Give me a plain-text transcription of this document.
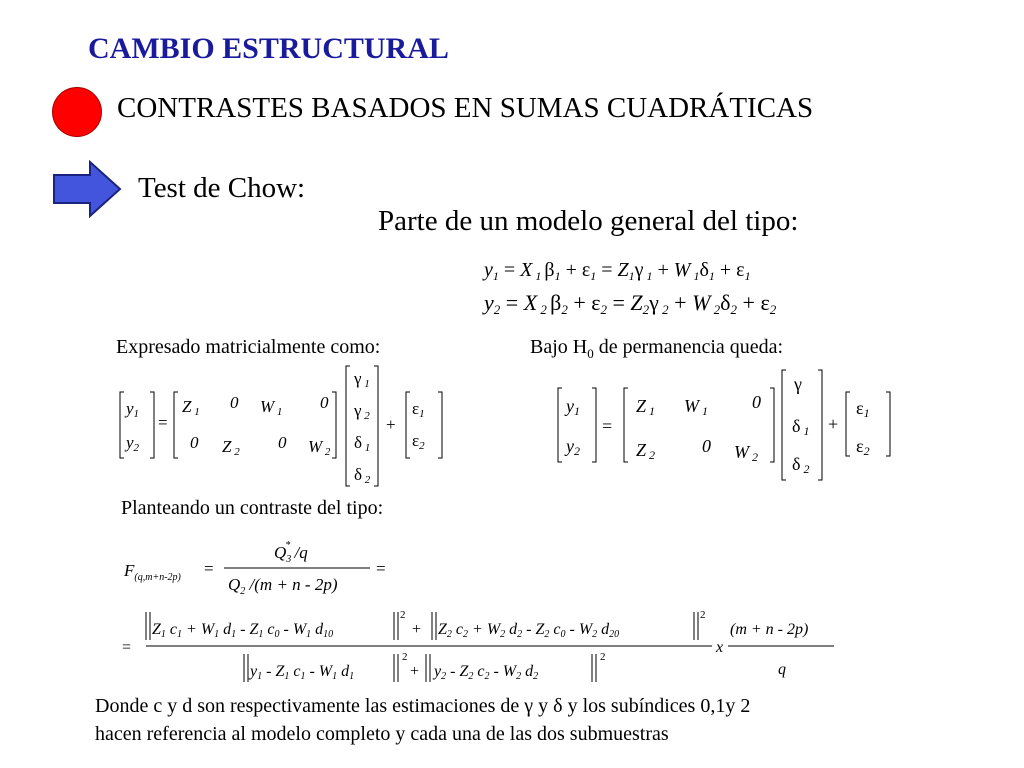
CAMBIO ESTRUCTURAL
CONTRASTES BASADOS EN SUMAS CUADRÁTICAS
Test de Chow:
Parte de un modelo general del tipo:
$y_1 = X$ $_1$ $\beta_1 + \varepsilon_1 = Z_1\gamma$ $_1$ + W $_1\delta_1 + \varepsilon_1$
y2 = X 2 β2 + ε2 = Z2γ 2 + W 2δ2 + ε2
Expresado matricialmente como:	Bajo $H_0$ de permanencia queda:
y1
y2
=
Z 1 0 W 1 0
0 Z 2 0 W 2
γ 1
γ 2
δ 1
δ 2
+
ε1
ε2
y1
y2
=
Z 1 W 1 0
Z 2	0 W 2
γ
δ 1
δ 2
+
ε1
ε2
Planteando un contraste del tipo:
$F_{(q,m+n-2p)}$ =
$Q_3*$ /q
$Q_2$ /(m + n - 2p)
=
=
Z1 c1 + W1 d1 - Z1 c0 - W1 d10
2
+ Z2 c2 + W2 d2 - Z2 c0 - W2 d20
2
y1 - Z1 c1 - W1 d1
2
+ y2 - Z2 c2 - W2 d2
2
x
(m + n - 2p)
q
Donde c y d son respectivamente las estimaciones de γ y δ y los subíndices 0,1y 2
hacen referencia al modelo completo y cada una de las dos submuestras
